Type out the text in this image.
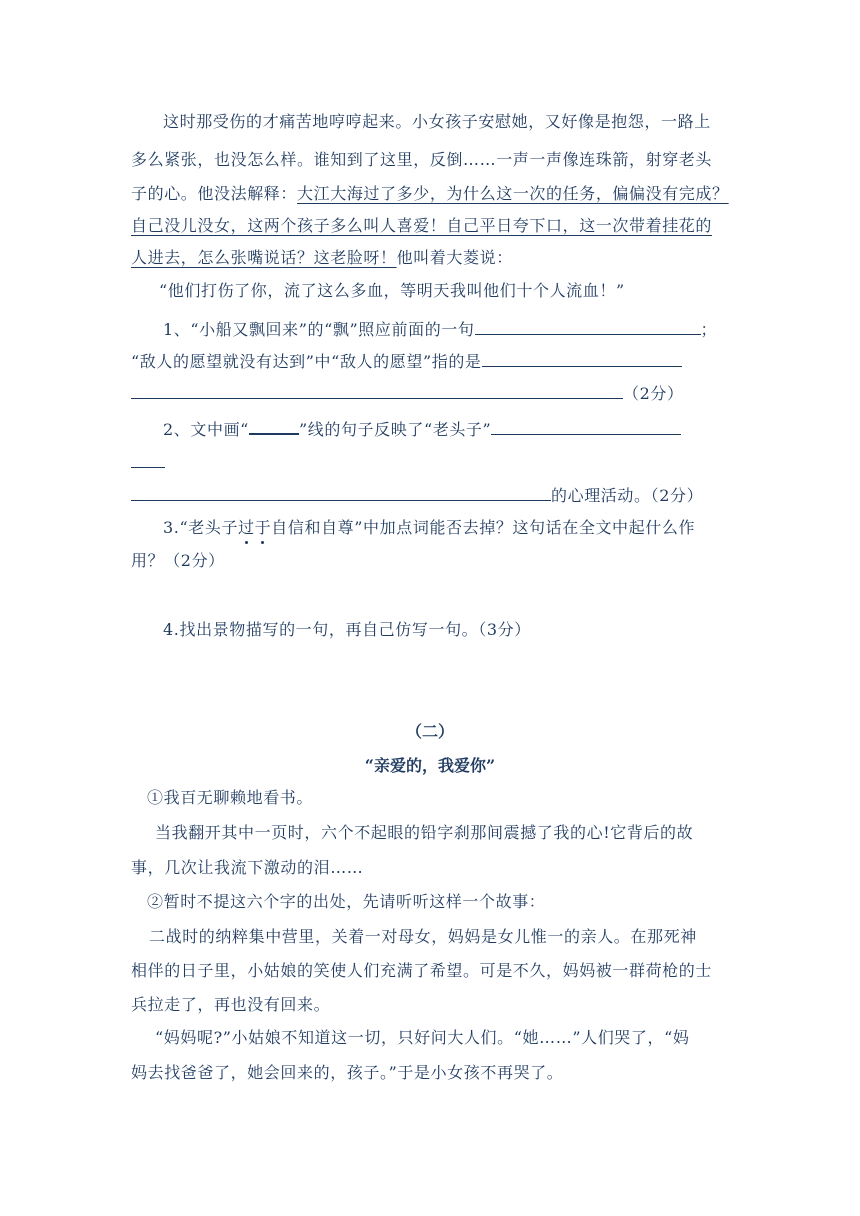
这时那受伤的才痛苦地哼哼起来。小女孩子安慰她，又好像是抱怨，一路上
多么紧张，也没怎么样。谁知到了这里，反倒……一声一声像连珠箭，射穿老头
子的心。他没法解释：大江大海过了多少，为什么这一次的任务，偏偏没有完成？
自己没儿没女，这两个孩子多么叫人喜爱！自己平日夸下口，这一次带着挂花的
人进去，怎么张嘴说话？这老脸呀！他叫着大菱说：
“他们打伤了你，流了这么多血，等明天我叫他们十个人流血！”
1、“小船又飘回来”的“飘”照应前面的一句	；
“敌人的愿望就没有达到”中“敌人的愿望”指的是
（2分）
2、文中画“	”线的句子反映了“老头子”
的心理活动。（2分）
3.“老头子过于自信和自尊”中加点词能否去掉？这句话在全文中起什么作
用？（2分）
4.找出景物描写的一句，再自己仿写一句。（3分）
（二）
“亲爱的，我爱你”
①我百无聊赖地看书。
当我翻开其中一页时，六个不起眼的铅字刹那间震撼了我的心!它背后的故
事，几次让我流下激动的泪……
②暂时不提这六个字的出处，先请听听这样一个故事：
二战时的纳粹集中营里，关着一对母女，妈妈是女儿惟一的亲人。在那死神
相伴的日子里，小姑娘的笑使人们充满了希望。可是不久，妈妈被一群荷枪的士
兵拉走了，再也没有回来。
“妈妈呢?”小姑娘不知道这一切，只好问大人们。“她……”人们哭了，“妈
妈去找爸爸了，她会回来的，孩子。”于是小女孩不再哭了。
